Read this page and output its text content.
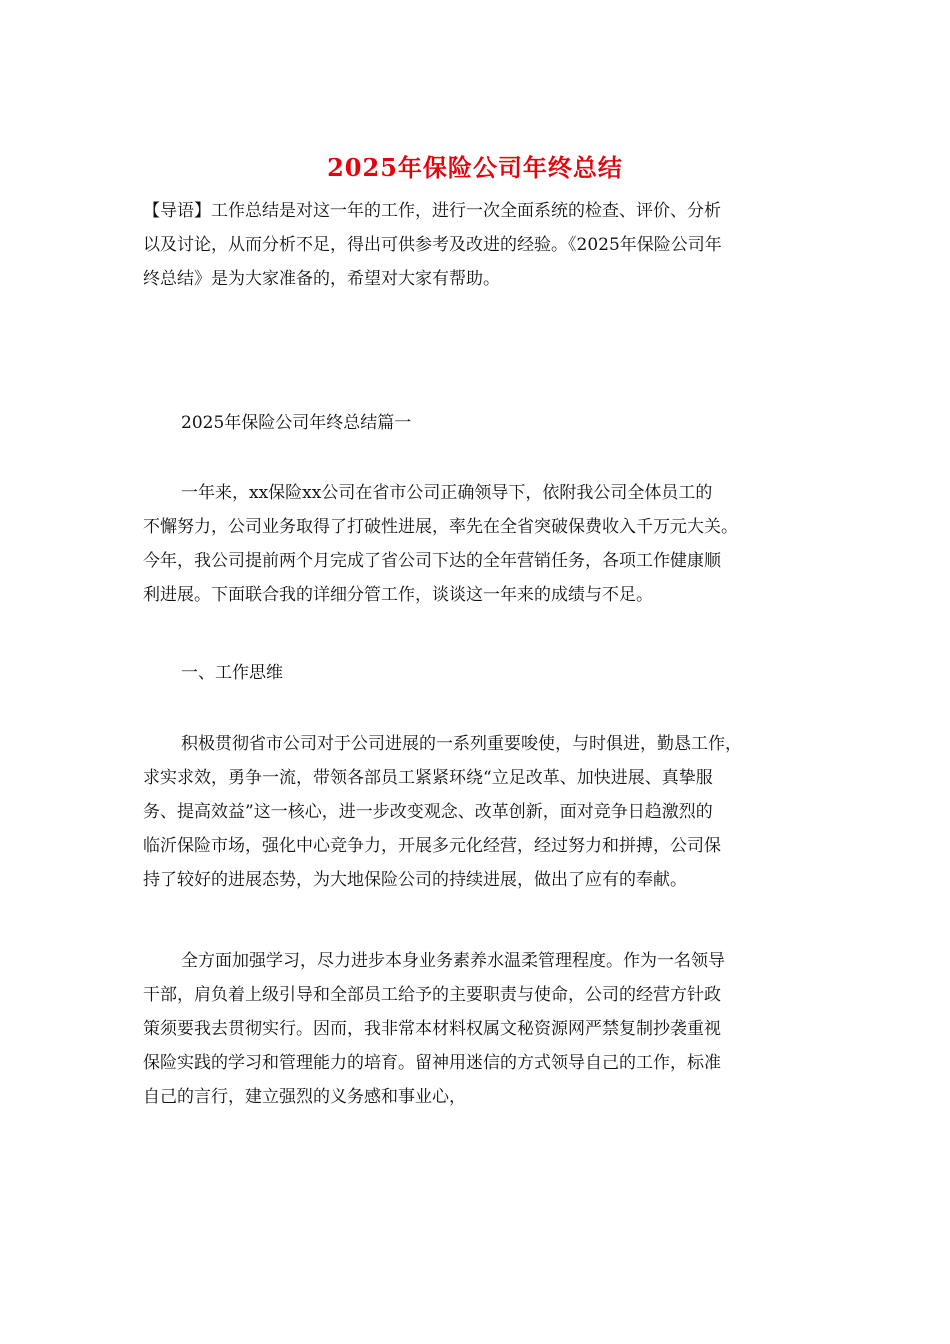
2025年保险公司年终总结
【导语】工作总结是对这一年的工作，进行一次全面系统的检查、评价、分析
以及讨论，从而分析不足，得出可供参考及改进的经验。《2025年保险公司年
终总结》是为大家准备的，希望对大家有帮助。
2025年保险公司年终总结篇一
一年来，xx保险xx公司在省市公司正确领导下，依附我公司全体员工的
不懈努力，公司业务取得了打破性进展，率先在全省突破保费收入千万元大关。
今年，我公司提前两个月完成了省公司下达的全年营销任务，各项工作健康顺
利进展。下面联合我的详细分管工作，谈谈这一年来的成绩与不足。
一、工作思维
积极贯彻省市公司对于公司进展的一系列重要唆使，与时俱进，勤恳工作，
求实求效，勇争一流，带领各部员工紧紧环绕“立足改革、加快进展、真挚服
务、提高效益”这一核心，进一步改变观念、改革创新，面对竞争日趋激烈的
临沂保险市场，强化中心竞争力，开展多元化经营，经过努力和拼搏，公司保
持了较好的进展态势，为大地保险公司的持续进展，做出了应有的奉献。
全方面加强学习，尽力进步本身业务素养水温柔管理程度。作为一名领导
干部，肩负着上级引导和全部员工给予的主要职责与使命，公司的经营方针政
策须要我去贯彻实行。因而，我非常本材料权属文秘资源网严禁复制抄袭重视
保险实践的学习和管理能力的培育。留神用迷信的方式领导自己的工作，标准
自己的言行，建立强烈的义务感和事业心，
